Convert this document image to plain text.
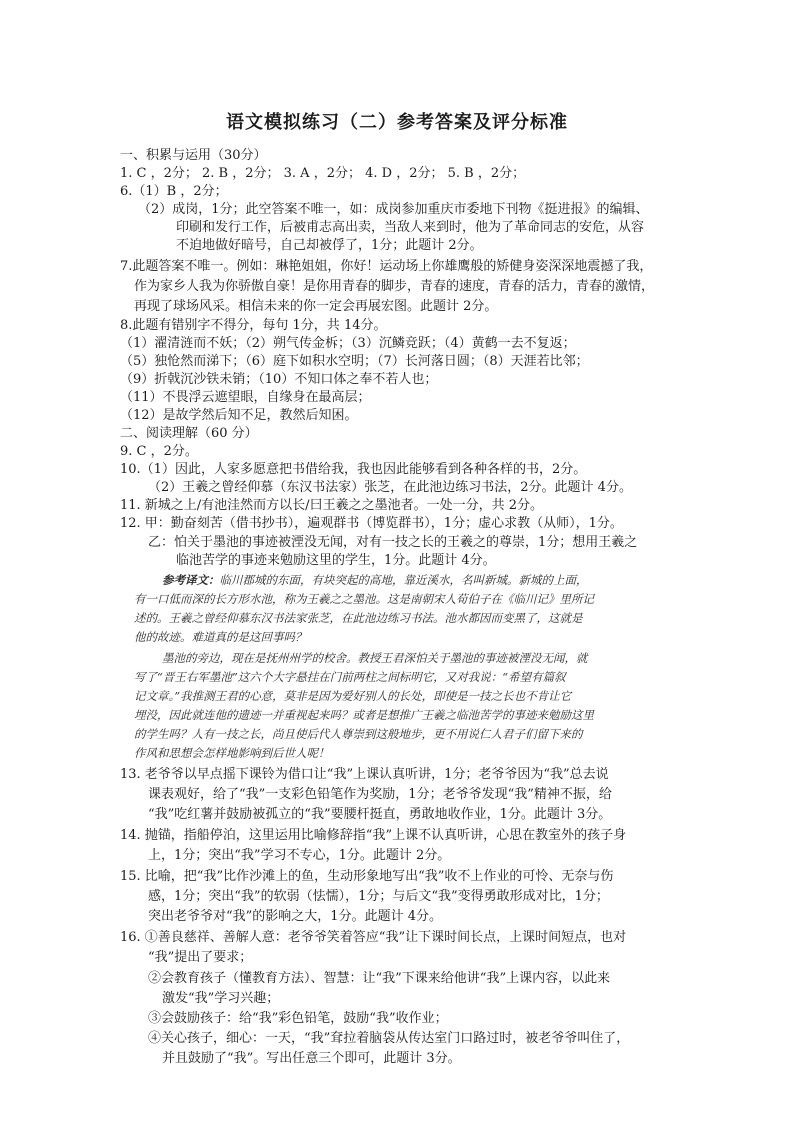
语文模拟练习（二）参考答案及评分标准
一、积累与运用（30分）
1. C ，2分； 2. B ，2分； 3. A ，2分； 4. D ，2分； 5. B ，2分；
6.（1）B ，2分；
（2）成岗，1分；此空答案不唯一，如：成岗参加重庆市委地下刊物《挺进报》的编辑、
印刷和发行工作，后被甫志高出卖，当敌人来到时，他为了革命同志的安危，从容
不迫地做好暗号，自己却被俘了，1分；此题计 2分。
7.此题答案不唯一。例如：琳艳姐姐，你好！运动场上你雄鹰般的矫健身姿深深地震撼了我，
作为家乡人我为你骄傲自豪！是你用青春的脚步，青春的速度，青春的活力，青春的激情，
再现了球场风采。相信未来的你一定会再展宏图。此题计 2分。
8.此题有错别字不得分，每句 1分，共 14分。
（1）濯清涟而不妖；（2）朔气传金柝；（3）沉鳞竞跃；（4）黄鹤一去不复返；
（5）独怆然而涕下；（6）庭下如积水空明；（7）长河落日圆；（8）天涯若比邻；
（9）折戟沉沙铁未销；（10）不知口体之奉不若人也；
（11）不畏浮云遮望眼，自缘身在最高层；
（12）是故学然后知不足，教然后知困。
二、阅读理解（60 分）
9. C ，2分。
10.（1）因此，人家多愿意把书借给我，我也因此能够看到各种各样的书，2分。
（2）王羲之曾经仰慕（东汉书法家）张芝，在此池边练习书法，2分。此题计 4分。
11. 新城之上/有池洼然而方以长/曰王羲之之墨池者。一处一分，共 2分。
12. 甲：勤奋刻苦（借书抄书），遍观群书（博览群书），1分；虚心求教（从师），1分。
乙：怕关于墨池的事迹被湮没无闻，对有一技之长的王羲之的尊崇，1分；想用王羲之
临池苦学的事迹来勉励这里的学生，1分。此题计 4分。
参考译文：临川郡城的东面，有块突起的高地，靠近溪水，名叫新城。新城的上面，
有一口低而深的长方形水池，称为王羲之之墨池。这是南朝宋人荀伯子在《临川记》里所记
述的。王羲之曾经仰慕东汉书法家张芝，在此池边练习书法。池水都因而变黑了，这就是
他的故迹。难道真的是这回事吗？
墨池的旁边，现在是抚州州学的校舍。教授王君深怕关于墨池的事迹被湮没无闻，就
写了“晋王右军墨池”这六个大字悬挂在门前两柱之间标明它，又对我说：“希望有篇叙
记文章。”我推测王君的心意，莫非是因为爱好别人的长处，即使是一技之长也不肯让它
埋没，因此就连他的遗迹一并重视起来吗？或者是想推广王羲之临池苦学的事迹来勉励这里
的学生吗？人有一技之长，尚且使后代人尊崇到这般地步，更不用说仁人君子们留下来的
作风和思想会怎样地影响到后世人呢！
13. 老爷爷以早点摇下课铃为借口让“我”上课认真听讲，1分；老爷爷因为“我”总去说
课表观好，给了“我”一支彩色铅笔作为奖励，1分；老爷爷发现“我”精神不振，给
“我”吃红薯并鼓励被孤立的“我”要腰杆挺直，勇敢地收作业，1分。此题计 3分。
14. 抛锚，指船停泊，这里运用比喻修辞指“我”上课不认真听讲，心思在教室外的孩子身
上，1分；突出“我”学习不专心，1分。此题计 2分。
15. 比喻，把“我”比作沙滩上的鱼，生动形象地写出“我”收不上作业的可怜、无奈与伤
感，1分；突出“我”的软弱（怯懦），1分；与后文“我”变得勇敢形成对比，1分；
突出老爷爷对“我”的影响之大，1分。此题计 4分。
16. ①善良慈祥、善解人意：老爷爷笑着答应“我”让下课时间长点，上课时间短点，也对
“我”提出了要求；
②会教育孩子（懂教育方法）、智慧：让“我”下课来给他讲“我”上课内容，以此来
激发“我”学习兴趣；
③会鼓励孩子：给“我”彩色铅笔，鼓励“我”收作业；
④关心孩子，细心：一天，“我”耷拉着脑袋从传达室门口路过时，被老爷爷叫住了，
并且鼓励了“我”。写出任意三个即可，此题计 3分。
